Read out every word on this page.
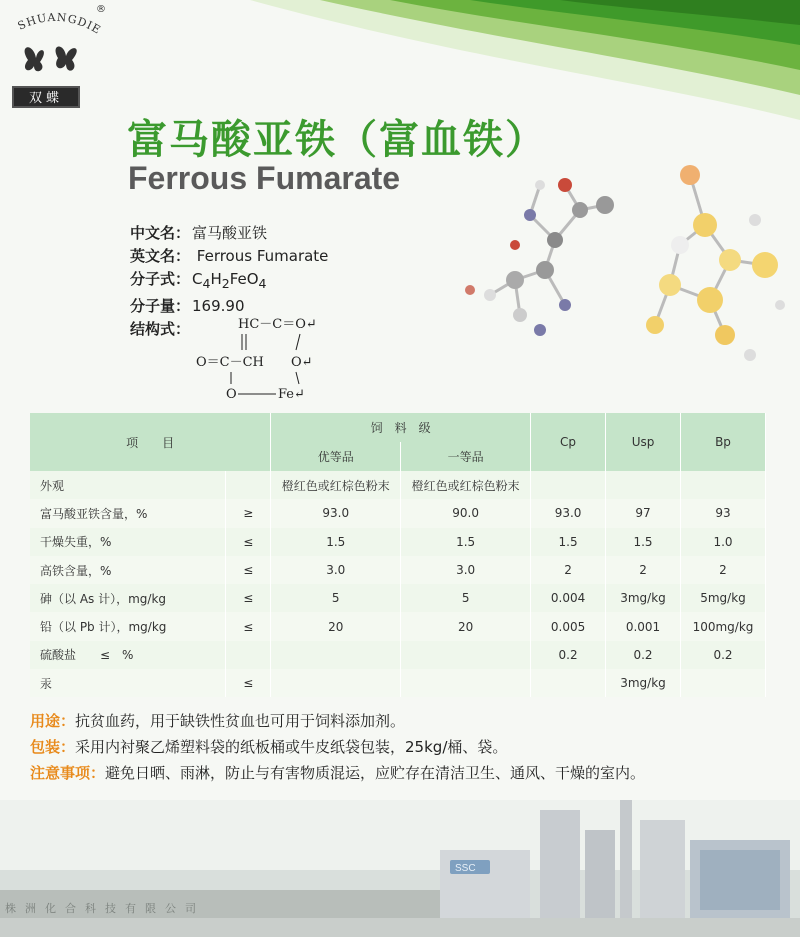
SHUANGDIE
®
双蝶
富马酸亚铁（富血铁）
Ferrous Fumarate
中文名： 富马酸亚铁
英文名： Ferrous Fumarate
分子式： $C_4H_2FeO_4$
分子量： 169.90
结构式：	HC－C＝O↵
O＝C－CH O↵
O	Fe↵
项　　目		饲　料　级		Cp	Usp	Bp
		优等品	一等品			
外观		橙红色或红棕色粉末	橙红色或红棕色粉末			
富马酸亚铁含量，%	≥	93.0	90.0	93.0	97	93
干燥失重，%	≤	1.5	1.5	1.5	1.5	1.0
高铁含量，%	≤	3.0	3.0	2	2	2
砷（以 As 计），mg/kg	≤	5	5	0.004	3mg/kg	5mg/kg
铅（以 Pb 计），mg/kg	≤	20	20	0.005	0.001	100mg/kg
硫酸盐　　≤　%				0.2	0.2	0.2
汞	≤				3mg/kg	
用途：抗贫血药，用于缺铁性贫血也可用于饲料添加剂。
包装：采用内衬聚乙烯塑料袋的纸板桶或牛皮纸袋包装，25kg/桶、袋。
注意事项：避免日晒、雨淋，防止与有害物质混运，应贮存在清洁卫生、通风、干燥的室内。
SSC
株洲化合科技有限公司
